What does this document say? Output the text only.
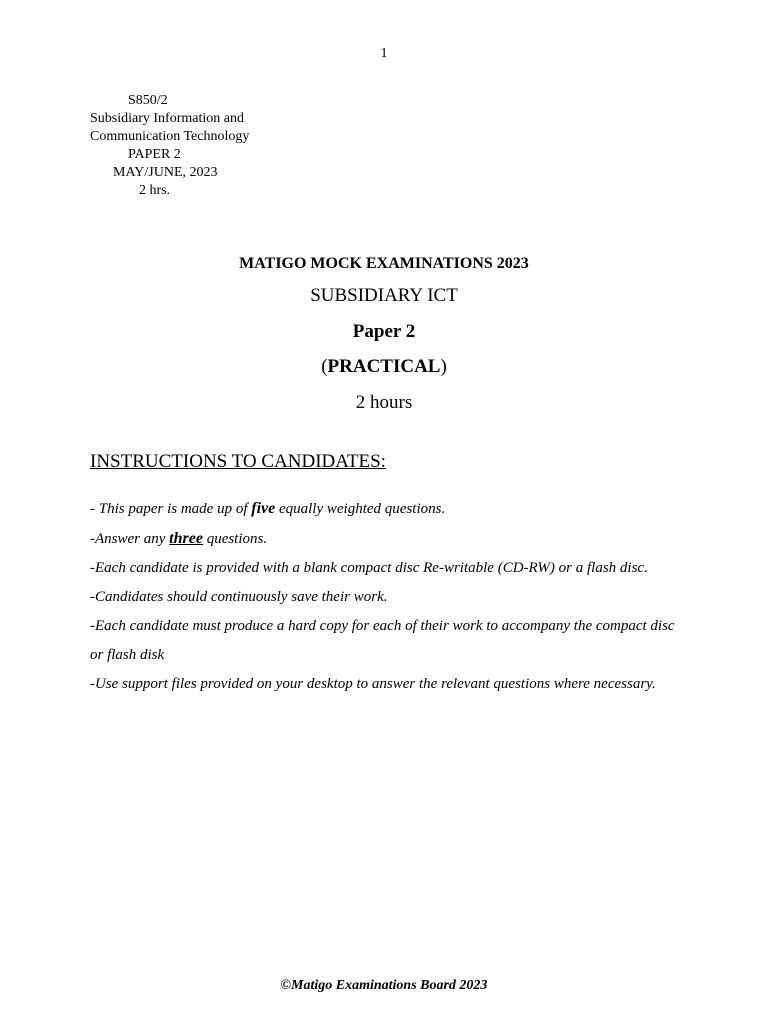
1
S850/2
Subsidiary Information and
Communication Technology
PAPER 2
MAY/JUNE, 2023
2 hrs.
MATIGO MOCK EXAMINATIONS 2023
SUBSIDIARY ICT
Paper 2
(PRACTICAL)
2 hours
INSTRUCTIONS TO CANDIDATES:

- This paper is made up of five equally weighted questions.

-Answer any three questions.

-Each candidate is provided with a blank compact disc Re-writable (CD-RW) or a flash disc.

-Candidates should continuously save their work.

-Each candidate must produce a hard copy for each of their work to accompany the compact disc or flash disk

-Use support files provided on your desktop to answer the relevant questions where necessary.

©Matigo Examinations Board 2023
